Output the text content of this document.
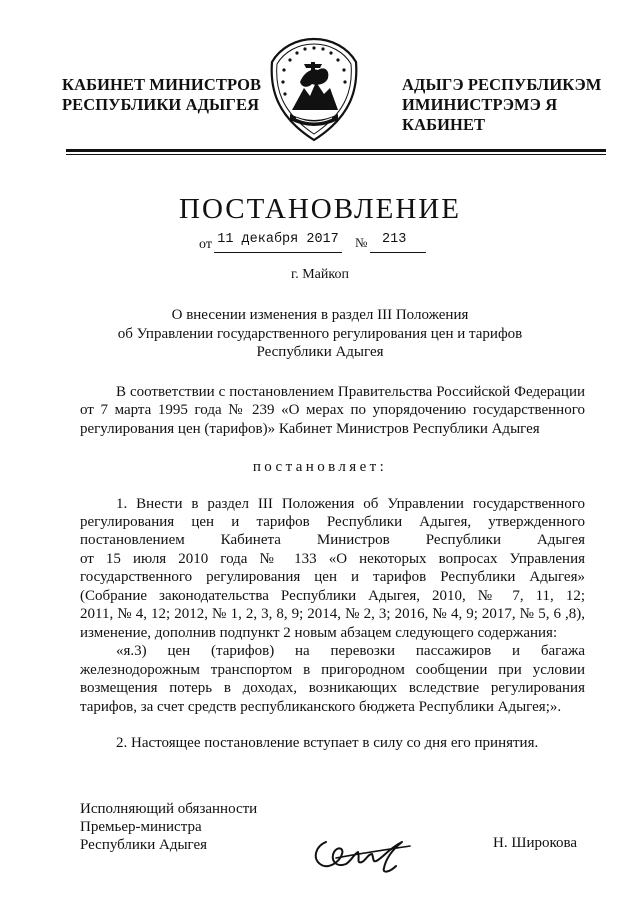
КАБИНЕТ МИНИСТРОВ
РЕСПУБЛИКИ АДЫГЕЯ
АДЫГЭ РЕСПУБЛИКЭМ
ИМИНИСТРЭМЭ Я КАБИНЕТ
ПОСТАНОВЛЕНИЕ
от 11 декабря 2017 №	213
г. Майкоп
О внесении изменения в раздел III Положения
об Управлении государственного регулирования цен и тарифов
Республики Адыгея
В соответствии с постановлением Правительства Российской Федерации
от 7 марта 1995 года № 239 «О мерах по упорядочению государственного
регулирования цен (тарифов)» Кабинет Министров Республики Адыгея
постановляет:
1. Внести в раздел III Положения об Управлении государственного
регулирования цен и тарифов Республики Адыгея, утвержденного
постановлением Кабинета Министров Республики Адыгея
от 15 июля 2010 года № 133 «О некоторых вопросах Управления
государственного регулирования цен и тарифов Республики Адыгея»
(Собрание законодательства Республики Адыгея, 2010, № 7, 11, 12;
2011, № 4, 12; 2012, № 1, 2, 3, 8, 9; 2014, № 2, 3; 2016, № 4, 9; 2017, № 5, 6 ,8),
изменение, дополнив подпункт 2 новым абзацем следующего содержания:
«я.3) цен (тарифов) на перевозки пассажиров и багажа
железнодорожным транспортом в пригородном сообщении при условии
возмещения потерь в доходах, возникающих вследствие регулирования
тарифов, за счет средств республиканского бюджета Республики Адыгея;».
2. Настоящее постановление вступает в силу со дня его принятия.
Исполняющий обязанности
Премьер-министра
Республики Адыгея	Н. Широкова
